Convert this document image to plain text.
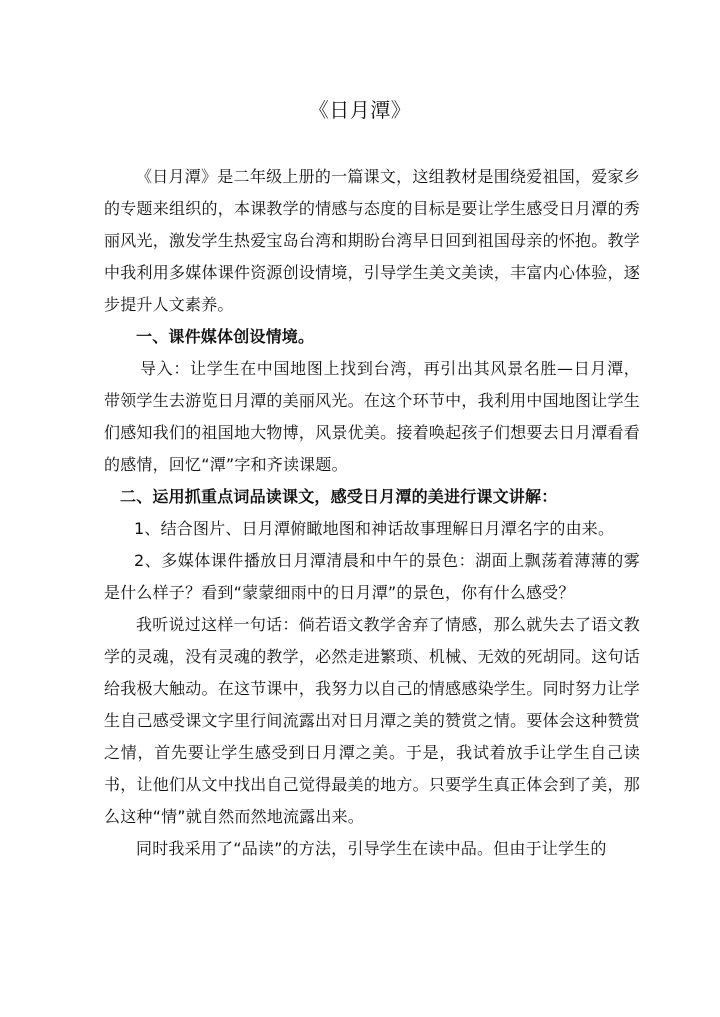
《日月潭》

《日月潭》是二年级上册的一篇课文，这组教材是围绕爱祖国，爱家乡的专题来组织的，本课教学的情感与态度的目标是要让学生感受日月潭的秀丽风光，激发学生热爱宝岛台湾和期盼台湾早日回到祖国母亲的怀抱。教学中我利用多媒体课件资源创设情境，引导学生美文美读，丰富内心体验，逐步提升人文素养。

一、课件媒体创设情境。

导入：让学生在中国地图上找到台湾，再引出其风景名胜—日月潭，带领学生去游览日月潭的美丽风光。在这个环节中，我利用中国地图让学生们感知我们的祖国地大物博，风景优美。接着唤起孩子们想要去日月潭看看的感情，回忆“潭”字和齐读课题。

二、运用抓重点词品读课文，感受日月潭的美进行课文讲解：

1、结合图片、日月潭俯瞰地图和神话故事理解日月潭名字的由来。

2、多媒体课件播放日月潭清晨和中午的景色：湖面上飘荡着薄薄的雾是什么样子？看到“蒙蒙细雨中的日月潭”的景色，你有什么感受？

我听说过这样一句话：倘若语文教学舍弃了情感，那么就失去了语文教学的灵魂，没有灵魂的教学，必然走进繁琐、机械、无效的死胡同。这句话给我极大触动。在这节课中，我努力以自己的情感感染学生。同时努力让学生自己感受课文字里行间流露出对日月潭之美的赞赏之情。要体会这种赞赏之情，首先要让学生感受到日月潭之美。于是，我试着放手让学生自己读书，让他们从文中找出自己觉得最美的地方。只要学生真正体会到了美，那么这种“情”就自然而然地流露出来。

同时我采用了“品读”的方法，引导学生在读中品。但由于让学生的
